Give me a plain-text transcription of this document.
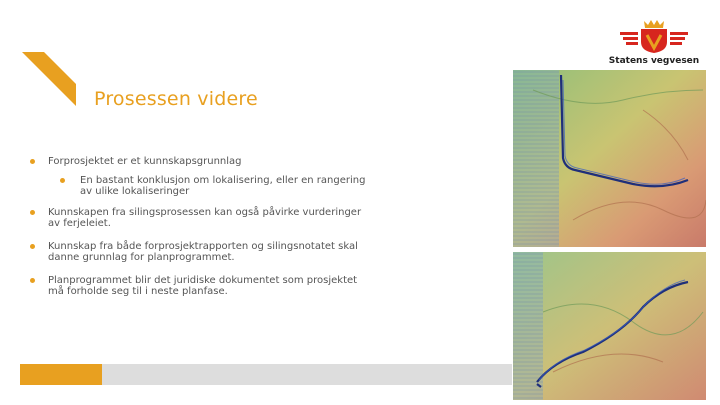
Prosessen videre
Forprosjektet er et kunnskapsgrunnlag
En bastant konklusjon om lokalisering, eller en rangering av ulike lokaliseringer
Kunnskapen fra silingsprosessen kan også påvirke vurderinger av ferjeleiet.
Kunnskap fra både forprosjektrapporten og silingsnotatet skal danne grunnlag for planprogrammet.
Planprogrammet blir det juridiske dokumentet som prosjektet må forholde seg til i neste planfase.
Statens vegvesen
